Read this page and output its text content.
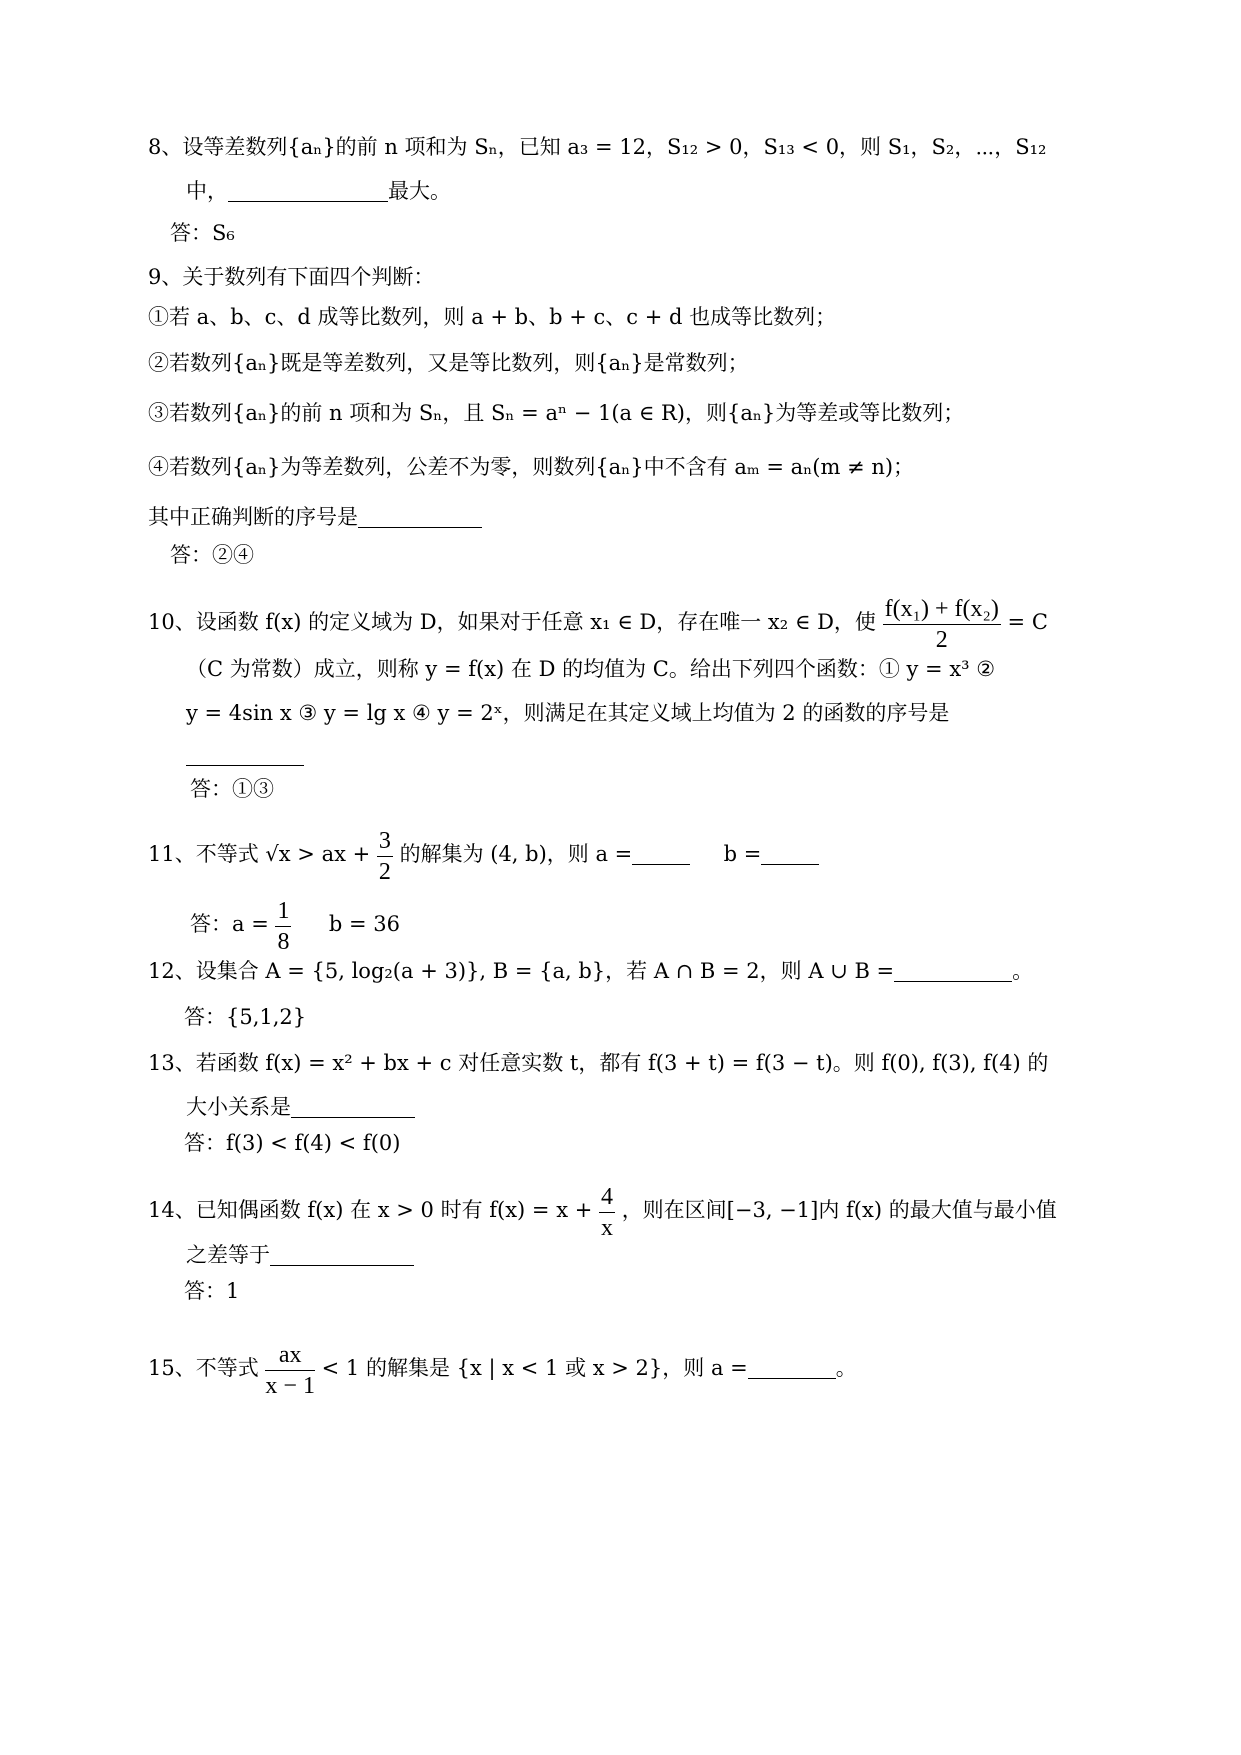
8、设等差数列{aₙ}的前 n 项和为 Sₙ，已知 a₃ = 12，S₁₂ > 0，S₁₃ < 0，则 S₁，S₂，⋯，S₁₂
中，	最大。
答：S₆
9、关于数列有下面四个判断：
①若 a、b、c、d 成等比数列，则 a + b、b + c、c + d 也成等比数列；
②若数列{aₙ}既是等差数列，又是等比数列，则{aₙ}是常数列；
③若数列{aₙ}的前 n 项和为 Sₙ，且 Sₙ = aⁿ − 1(a ∈ R)，则{aₙ}为等差或等比数列；
④若数列{aₙ}为等差数列，公差不为零，则数列{aₙ}中不含有 aₘ = aₙ(m ≠ n)；
其中正确判断的序号是
答：②④
10、设函数 f(x) 的定义域为 D，如果对于任意 x₁ ∈ D，存在唯一 x₂ ∈ D，使 $\frac{\text{f(x₁) + f(x₂)}}{2} = C$
（C 为常数）成立，则称 y = f(x) 在 D 的均值为 C。给出下列四个函数：① y = x³ ②
y = 4sin x ③ y = lg x ④ y = 2ˣ，则满足在其定义域上均值为 2 的函数的序号是
答：①③
11、不等式 √x > ax + $\frac{3}{2}$ 的解集为 (4, b)，则 a =	b =
答：$a = \frac{1}{8}$ b = 36
12、设集合 A = {5, log₂(a + 3)}, B = {a, b}，若 A ∩ B = 2，则 A ∪ B =	。
答：{5,1,2}
13、若函数 f(x) = x² + bx + c 对任意实数 t，都有 f(3 + t) = f(3 − t)。则 f(0), f(3), f(4) 的
大小关系是
答：f(3) < f(4) < f(0)
14、已知偶函数 f(x) 在 x > 0 时有 $f(x) = x + \frac{4}{x}$ ，则在区间[−3, −1]内 f(x) 的最大值与最小值
之差等于
答：1
15、不等式 $\frac{ax}{x - 1} < 1$ 的解集是 {x | x < 1 或 x > 2}，则 a =	。
